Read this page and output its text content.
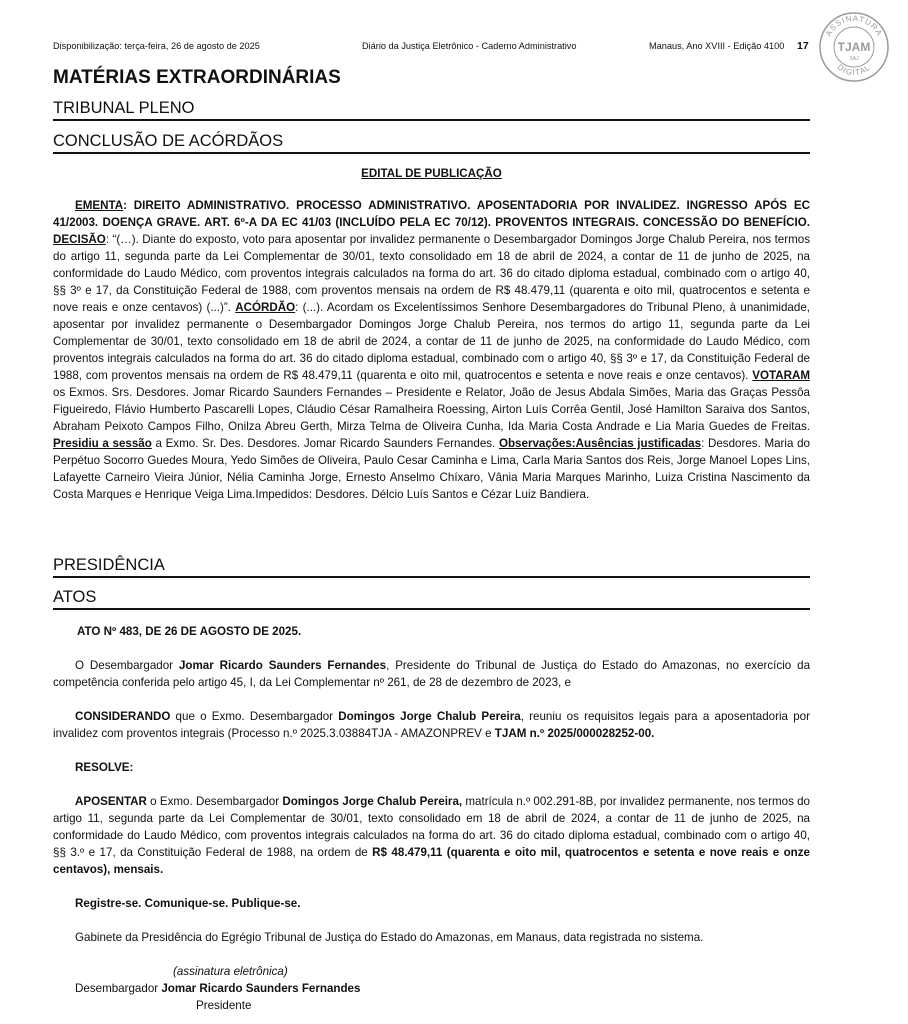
Disponibilização: terça-feira, 26 de agosto de 2025	Diário da Justiça Eletrônico - Caderno Administrativo	Manaus, Ano XVIII - Edição 4100 17
ASSINATURA
DIGITAL
TJAM
SAJ
MATÉRIAS EXTRAORDINÁRIAS
TRIBUNAL PLENO
CONCLUSÃO DE ACÓRDÃOS

EDITAL DE PUBLICAÇÃO

EMENTA: DIREITO ADMINISTRATIVO. PROCESSO ADMINISTRATIVO. APOSENTADORIA POR INVALIDEZ. INGRESSO APÓS EC 41/2003. DOENÇA GRAVE. ART. 6º-A DA EC 41/03 (INCLUÍDO PELA EC 70/12). PROVENTOS INTEGRAIS. CONCESSÃO DO BENEFÍCIO. DECISÃO: “(…). Diante do exposto, voto para aposentar por invalidez permanente o Desembargador Domingos Jorge Chalub Pereira, nos termos do artigo 11, segunda parte da Lei Complementar de 30/01, texto consolidado em 18 de abril de 2024, a contar de 11 de junho de 2025, na conformidade do Laudo Médico, com proventos integrais calculados na forma do art. 36 do citado diploma estadual, combinado com o artigo 40, §§ 3º e 17, da Constituição Federal de 1988, com proventos mensais na ordem de R$ 48.479,11 (quarenta e oito mil, quatrocentos e setenta e nove reais e onze centavos) (...)”. ACÓRDÃO: (...). Acordam os Excelentíssimos Senhore Desembargadores do Tribunal Pleno, à unanimidade, aposentar por invalidez permanente o Desembargador Domingos Jorge Chalub Pereira, nos termos do artigo 11, segunda parte da Lei Complementar de 30/01, texto consolidado em 18 de abril de 2024, a contar de 11 de junho de 2025, na conformidade do Laudo Médico, com proventos integrais calculados na forma do art. 36 do citado diploma estadual, combinado com o artigo 40, §§ 3º e 17, da Constituição Federal de 1988, com proventos mensais na ordem de R$ 48.479,11 (quarenta e oito mil, quatrocentos e setenta e nove reais e onze centavos). VOTARAM os Exmos. Srs. Desdores. Jomar Ricardo Saunders Fernandes – Presidente e Relator, João de Jesus Abdala Simões, Maria das Graças Pessôa Figueiredo, Flávio Humberto Pascarelli Lopes, Cláudio César Ramalheira Roessing, Airton Luís Corrêa Gentil, José Hamilton Saraiva dos Santos, Abraham Peixoto Campos Filho, Onilza Abreu Gerth, Mirza Telma de Oliveira Cunha, Ida Maria Costa Andrade e Lia Maria Guedes de Freitas. Presidiu a sessão a Exmo. Sr. Des. Desdores. Jomar Ricardo Saunders Fernandes. Observações:Ausências justificadas: Desdores. Maria do Perpétuo Socorro Guedes Moura, Yedo Simões de Oliveira, Paulo Cesar Caminha e Lima, Carla Maria Santos dos Reis, Jorge Manoel Lopes Lins, Lafayette Carneiro Vieira Júnior, Nélia Caminha Jorge, Ernesto Anselmo Chíxaro, Vânia Maria Marques Marinho, Luiza Cristina Nascimento da Costa Marques e Henrique Veiga Lima.Impedidos: Desdores. Délcio Luís Santos e Cézar Luiz Bandiera.

PRESIDÊNCIA
ATOS

ATO Nº 483, DE 26 DE AGOSTO DE 2025.

O Desembargador Jomar Ricardo Saunders Fernandes, Presidente do Tribunal de Justiça do Estado do Amazonas, no exercício da competência conferida pelo artigo 45, I, da Lei Complementar nº 261, de 28 de dezembro de 2023, e

CONSIDERANDO que o Exmo. Desembargador Domingos Jorge Chalub Pereira, reuniu os requisitos legais para a aposentadoria por invalidez com proventos integrais (Processo n.º 2025.3.03884TJA - AMAZONPREV e TJAM n.º 2025/000028252-00.

RESOLVE:

APOSENTAR o Exmo. Desembargador Domingos Jorge Chalub Pereira, matrícula n.º 002.291-8B, por invalidez permanente, nos termos do artigo 11, segunda parte da Lei Complementar de 30/01, texto consolidado em 18 de abril de 2024, a contar de 11 de junho de 2025, na conformidade do Laudo Médico, com proventos integrais calculados na forma do art. 36 do citado diploma estadual, combinado com o artigo 40, §§ 3.º e 17, da Constituição Federal de 1988, na ordem de R$ 48.479,11 (quarenta e oito mil, quatrocentos e setenta e nove reais e onze centavos), mensais.

Registre-se. Comunique-se. Publique-se.

Gabinete da Presidência do Egrégio Tribunal de Justiça do Estado do Amazonas, em Manaus, data registrada no sistema.

(assinatura eletrônica)

Desembargador Jomar Ricardo Saunders Fernandes

Presidente
